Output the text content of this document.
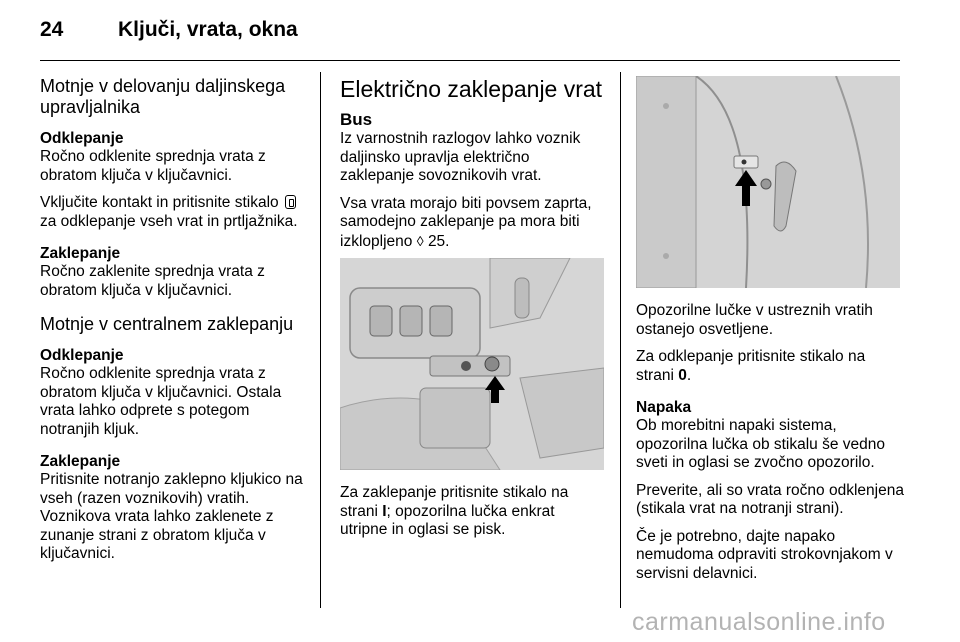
24	Ključi, vrata, okna
Motnje v delovanju daljinskega upravljalnika
Odklepanje

Ročno odklenite sprednja vrata z obratom ključa v ključavnici.

Vključite kontakt in pritisnite stikalo  za odklepanje vseh vrat in prtljažnika.

Zaklepanje

Ročno zaklenite sprednja vrata z obratom ključa v ključavnici.

Motnje v centralnem zaklepanju
Odklepanje

Ročno odklenite sprednja vrata z obratom ključa v ključavnici. Ostala vrata lahko odprete s potegom notranjih kljuk.

Zaklepanje

Pritisnite notranjo zaklepno kljukico na vseh (razen voznikovih) vratih. Voznikova vrata lahko zaklenete z zunanje strani z obratom ključa v ključavnici.

Električno zaklepanje vrat
Bus

Iz varnostnih razlogov lahko voznik daljinsko upravlja električno zaklepanje sovoznikovih vrat.

Vsa vrata morajo biti povsem zaprta, samodejno zaklepanje pa mora biti izklopljeno ◊ 25.

Za zaklepanje pritisnite stikalo na strani I; opozorilna lučka enkrat utripne in oglasi se pisk.

Opozorilne lučke v ustreznih vratih ostanejo osvetljene.

Za odklepanje pritisnite stikalo na strani 0.

Napaka

Ob morebitni napaki sistema, opozorilna lučka ob stikalu še vedno sveti in oglasi se zvočno opozorilo.

Preverite, ali so vrata ročno odklenjena (stikala vrat na notranji strani).

Če je potrebno, dajte napako nemudoma odpraviti strokovnjakom v servisni delavnici.

carmanualsonline.info
